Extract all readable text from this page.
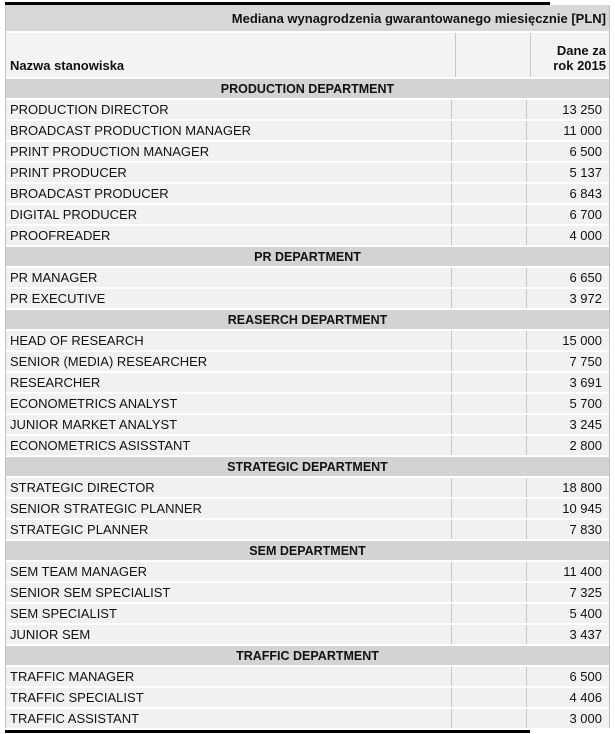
Mediana wynagrodzenia gwarantowanego miesięcznie [PLN]
Nazwa stanowiska
Dane za
rok 2015
PRODUCTION DEPARTMENT
PRODUCTION DIRECTOR	13 250
BROADCAST PRODUCTION MANAGER	11 000
PRINT PRODUCTION MANAGER	6 500
PRINT PRODUCER	5 137
BROADCAST PRODUCER	6 843
DIGITAL PRODUCER	6 700
PROOFREADER	4 000
PR DEPARTMENT
PR MANAGER	6 650
PR EXECUTIVE	3 972
REASERCH DEPARTMENT
HEAD OF RESEARCH	15 000
SENIOR (MEDIA) RESEARCHER	7 750
RESEARCHER	3 691
ECONOMETRICS ANALYST	5 700
JUNIOR MARKET ANALYST	3 245
ECONOMETRICS ASISSTANT	2 800
STRATEGIC DEPARTMENT
STRATEGIC DIRECTOR	18 800
SENIOR STRATEGIC PLANNER	10 945
STRATEGIC PLANNER	7 830
SEM DEPARTMENT
SEM TEAM MANAGER	11 400
SENIOR SEM SPECIALIST	7 325
SEM SPECIALIST	5 400
JUNIOR SEM	3 437
TRAFFIC DEPARTMENT
TRAFFIC MANAGER	6 500
TRAFFIC SPECIALIST	4 406
TRAFFIC ASSISTANT	3 000
